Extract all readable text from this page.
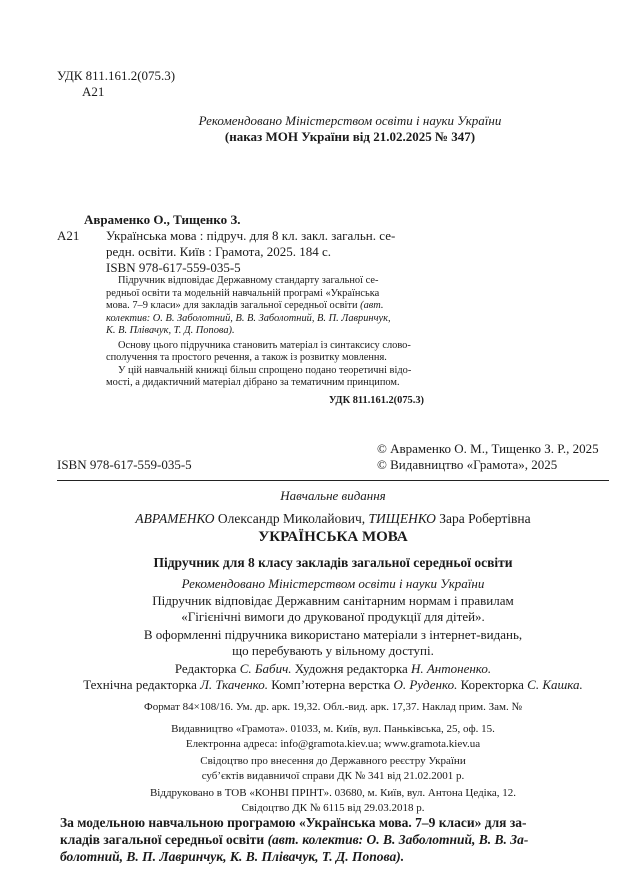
УДК 811.161.2(075.3)
А21
Рекомендовано Міністерством освіти і науки України
(наказ МОН України від 21.02.2025 № 347)
Авраменко О., Тищенко З.
А21 Українська мова : підруч. для 8 кл. закл. загальн. се-
редн. освіти. Київ : Грамота, 2025. 184 с.
ISBN 978-617-559-035-5

Підручник відповідає Державному стандарту загальної се-

редньої освіти та модельній навчальній програмі «Українська
мова. 7–9 класи» для закладів загальної середньої освіти (авт.
колектив: О. В. Заболотний, В. В. Заболотний, В. П. Лавринчук,
К. В. Плівачук, Т. Д. Попова).

Основу цього підручника становить матеріал із синтаксису слово-

сполучення та простого речення, а також із розвитку мовлення.

У цій навчальній книжці більш спрощено подано теоретичні відо-

мості, а дидактичний матеріал дібрано за тематичним принципом.
УДК 811.161.2(075.3)
© Авраменко О. М., Тищенко З. Р., 2025
ISBN 978-617-559-035-5	© Видавництво «Грамота», 2025
Навчальне видання
АВРАМЕНКО Олександр Миколайович, ТИЩЕНКО Зара Робертівна
УКРАЇНСЬКА МОВА
Підручник для 8 класу закладів загальної середньої освіти
Рекомендовано Міністерством освіти і науки України
Підручник відповідає Державним санітарним нормам і правилам
«Гігієнічні вимоги до друкованої продукції для дітей».
В оформленні підручника використано матеріали з інтернет-видань,
що перебувають у вільному доступі.
Редакторка С. Бабич. Художня редакторка Н. Антоненко.
Технічна редакторка Л. Ткаченко. Комп’ютерна верстка О. Руденко. Коректорка С. Кашка.
Формат 84×108/16. Ум. др. арк. 19,32. Обл.-вид. арк. 17,37. Наклад прим. Зам. №
Видавництво «Грамота». 01033, м. Київ, вул. Паньківська, 25, оф. 15.
Електронна адреса: info@gramota.kiev.ua; www.gramota.kiev.ua
Свідоцтво про внесення до Державного реєстру України
суб’єктів видавничої справи ДК № 341 від 21.02.2001 р.
Віддруковано в ТОВ «КОНВІ ПРІНТ». 03680, м. Київ, вул. Антона Цедіка, 12.
Свідоцтво ДК № 6115 від 29.03.2018 р.
За модельною навчальною програмою «Українська мова. 7–9 класи» для за-
кладів загальної середньої освіти (авт. колектив: О. В. Заболотний, В. В. За-
болотний, В. П. Лавринчук, К. В. Плівачук, Т. Д. Попова).
